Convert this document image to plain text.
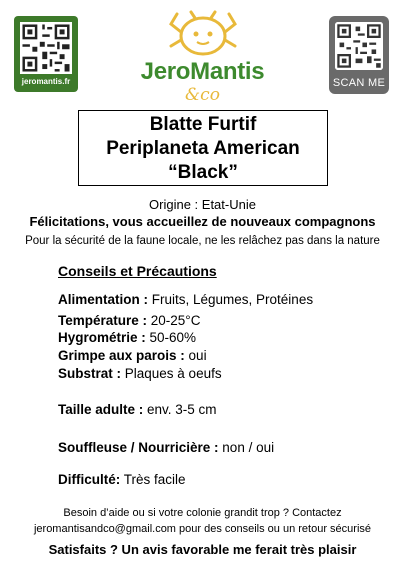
jeromantis.fr	JeroMantis
&co
SCAN ME
Blatte Furtif
Periplaneta American
“Black”
Origine : Etat-Unie
Félicitations, vous accueillez de nouveaux compagnons
Pour la sécurité de la faune locale, ne les relâchez pas dans la nature
Conseils et Précautions
Alimentation : Fruits, Légumes, Protéines
Température : 20-25°C
Hygrométrie : 50-60%
Grimpe aux parois : oui
Substrat : Plaques à oeufs
Taille adulte : env. 3-5 cm
Souffleuse / Nourricière : non / oui
Difficulté: Très facile
Besoin d’aide ou si votre colonie grandit trop ? Contactez
jeromantisandco@gmail.com pour des conseils ou un retour sécurisé
Satisfaits ? Un avis favorable me ferait très plaisir
